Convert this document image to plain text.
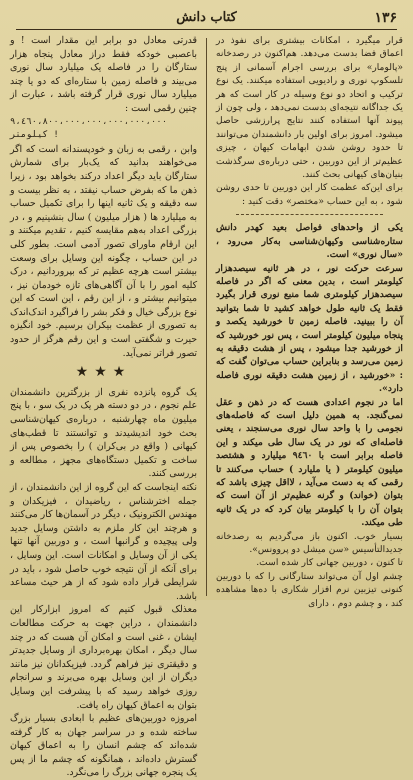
۱۳۶
کتاب دانش

قرار میگیرد ، امکانات بیشتری برای نفوذ در اعماق فضا بدست می‌دهد. هم‌اکنون در رصدخانه «پالومار» برای بررسی اجرام آسمانی از پنج تلسکوپ نوری و رادیویی استفاده میکنند. یک نوع ترکیب و اتحاد دو نوع وسیله در کار است که هر یک جداگانه نتیجه‌ای بدست نمی‌دهد ، ولی چون از پیوند آنها استفاده کنند نتایج پرارزشی حاصل میشود. امروز برای اولین بار دانشمندان می‌توانند تا حدود روشن شدن ابهامات کیهان ، چیزی عظیم‌تر از این دوربین ، حتی درباره‌ی سرگذشت بنیان‌های کیهانی بحث کنند.

برای این‌که عظمت کار این دوربین تا حدی روشن شود ، به این حساب «مختصر» دقت کنید :

یکی از واحدهای فواصل بعید کهدر دانش ستاره‌شناسی وکیهان‌شناسی به‌کار می‌رود ، «سال نوری» است.

سرعت حرکت نور ، در هر ثانیه سیصدهزار کیلومتر است ، بدین معنی که اگر در فاصله سیصدهزار کیلومتری شما منبع نوری قرار بگیرد فقط یک ثانیه طول خواهد کشید تا شما بتوانید آن را ببینید. فاصله زمین تا خورشید یکصد و پنجاه میلیون کیلومتر است ، پس نور خورشید که از خورشید جدا میشود ، پس از هشت دقیقه به زمین می‌رسد و بنابراین حساب می‌توان گفت که : «خورشید ، از زمین هشت دقیقه نوری فاصله دارد».

اما در نجوم اعدادی هست که در ذهن و عقل نمی‌گنجد. به همین دلیل است که فاصله‌های نجومی را با واحد سال نوری می‌سنجند ، یعنی فاصله‌ای که نور در یک سال طی میکند و این فاصله برابر است با ۹٤٦٠ میلیارد و هشتصد میلیون کیلومتر ( یا ملیارد ) حساب می‌کنند تا رقمی که به دست می‌آید ، لااقل چیزی باشد که بتوان (خواند) و گرنه عظیم‌تر از آن است که بتوان آن را با کیلومتر بیان کرد که در یک ثانیه طی میکند.

بسیار خوب. اکنون باز می‌گردیم به رصدخانه جدیدالتأسیس «سن میشل دو پروونس».

تا کنون ، دوربین جهانی کار شده است.

چشم اول آن می‌تواند ستارگانی را که با دوربین کنونی تیزبین نرم افزار شکاری با ده‌ها مشاهده کند ، و چشم دوم ، دارای

قدرتی معادل دو برابر این مقدار است ! و باعصبی خودکه فقط دراز معادل پنجاه هزار ستارگان را در فاصله یک میلیارد سال نوری می‌بیند و فاصله زمین با ستاره‌ای که دو یا چند میلیارد سال نوری قرار گرفته باشد ، عبارت از چنین رقمی است :

۹،٤٦٠،٨٠٠،٠٠٠،٠٠٠،٠٠٠،٠٠٠،٠٠٠ کیلومتر !

وابن ، رقمی به زبان و خودپسندانه است که اگر می‌خواهند بدانید که یک‌بار برای شمارش ستارگان باید دیگر اعداد درکند بخواهد بود ، زیرا ذهن ما که بفرض حساب نیفتد ، به نظر بیست و سه دقیقه و یک ثانیه اینها را برای تکمیل حساب به میلیارد ها ( هزار میلیون ) سال بنشینیم و ، در بزرگی اعداد به‌هم مقایسه کنیم ، تقدیم میکنند و این ارقام ماورای تصور آدمی است. بطور کلی در این حساب ، چگونه این وسایل برای وسعت بیشتر است هرچه عظیم تر که بپروردانیم ، درک کلیه امور را با آن آگاهی‌های تازه خودمان نیز ، میتوانیم بیشتر و ، از این رقم ، این است که این نوع بزرگی خیال و فکر بشر را فراگیرد اندک‌اندک به تصوری از عظمت بیکران برسیم. خود انگیزه حیرت و شگفتی است و این رقم هرگز از حدود تصور فراتر نمی‌آید.

★★★

یک گروه پانزده نفری از بزرگترین دانشمندان علم نجوم ، در دو دسته هر یک در یک سو ، با پنج میلیون ماه چهارشنبه ، درباره‌ی کیهان‌شناسی بحث خود اندیشیدند و توانستند تا قطب‌های کیهانی ( واقع در بی‌کران ) را بخصوص پس از ساخت و تکمیل دستگاه‌های مجهز ، مطالعه و بررسی کنند.

نکته اینجاست که این گروه از این دانشمندان ، از جمله اخترشناس ، ریاضیدان ، فیزیکدان و مهندس الکترونیک ، دیگر در آسمان‌ها کار می‌کنند و هرچند این کار ملزم به داشتن وسایل جدید ولی پیچیده و گرانبها است ، و دوربین آنها تنها یکی از آن وسایل و امکانات است. این وسایل ، برای آنکه از آن نتیجه خوب حاصل شود ، باید در شرایطی قرار داده شود که از هر حیث مساعد باشد.

معذلک قبول کنیم که امروز ابزارکار این دانشمندان ، دراین جهت به حرکت مطالعات ایشان ، غنی است و امکان آن هست که در چند سال دیگر ، امکان بهره‌برداری از وسایل جدیدتر و دقیقتری نیز فراهم گردد. فیزیکدانان نیز مانند دیگران از این وسایل بهره می‌برند و سرانجام روزی خواهد رسید که با پیشرفت این وسایل بتوان به اعماق کیهان راه یافت.

امروزه دوربین‌های عظیم با ابعادی بسیار بزرگ ساخته شده و در سراسر جهان به کار گرفته شده‌اند که چشم انسان را به اعماق کیهان گسترش داده‌اند ، همانگونه که چشم ما از پس یک پنجره جهانی بزرگ را می‌نگرد.
